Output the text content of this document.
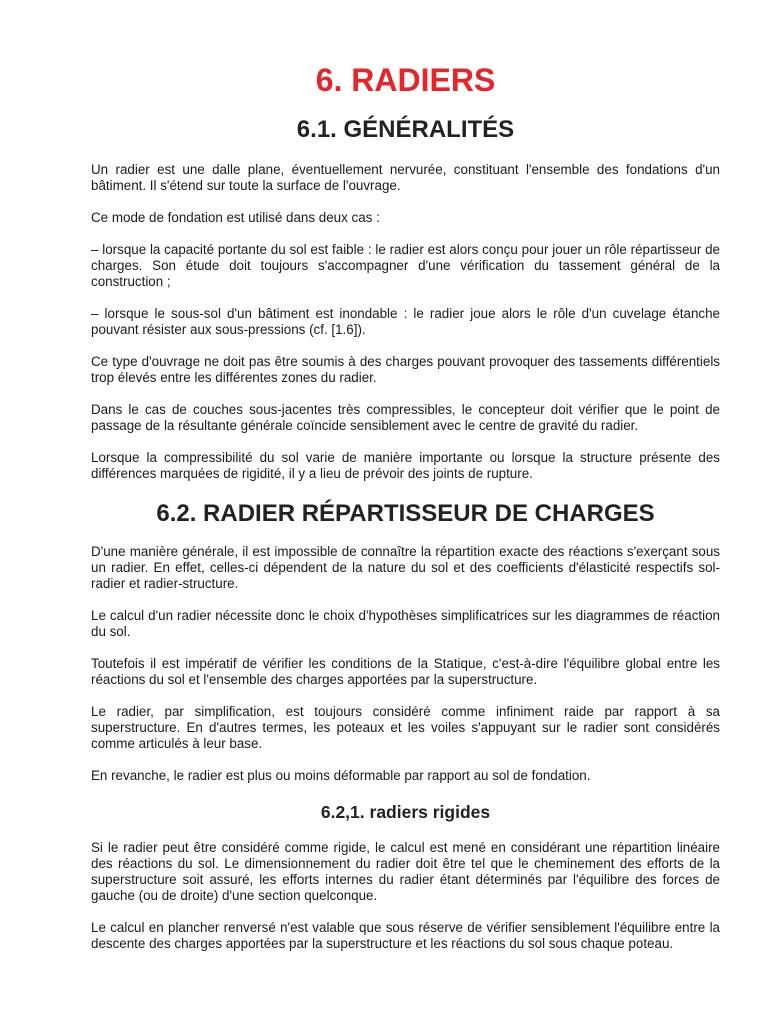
6. RADIERS
6.1. GÉNÉRALITÉS

Un radier est une dalle plane, éventuellement nervurée, constituant l'ensemble des fondations d'un bâtiment. Il s'étend sur toute la surface de l'ouvrage.

Ce mode de fondation est utilisé dans deux cas :

– lorsque la capacité portante du sol est faible : le radier est alors conçu pour jouer un rôle répartisseur de charges. Son étude doit toujours s'accompagner d'une vérification du tassement général de la construction ;

– lorsque le sous-sol d'un bâtiment est inondable : le radier joue alors le rôle d'un cuvelage étanche pouvant résister aux sous-pressions (cf. [1.6]).

Ce type d'ouvrage ne doit pas être soumis à des charges pouvant provoquer des tassements différentiels trop élevés entre les différentes zones du radier.

Dans le cas de couches sous-jacentes très compressibles, le concepteur doit vérifier que le point de passage de la résultante générale coïncide sensiblement avec le centre de gravité du radier.

Lorsque la compressibilité du sol varie de manière importante ou lorsque la structure présente des différences marquées de rigidité, il y a lieu de prévoir des joints de rupture.

6.2. RADIER RÉPARTISSEUR DE CHARGES

D'une manière générale, il est impossible de connaître la répartition exacte des réactions s'exerçant sous un radier. En effet, celles-ci dépendent de la nature du sol et des coefficients d'élasticité respectifs sol-radier et radier-structure.

Le calcul d'un radier nécessite donc le choix d'hypothèses simplificatrices sur les diagrammes de réaction du sol.

Toutefois il est impératif de vérifier les conditions de la Statique, c'est-à-dire l'équilibre global entre les réactions du sol et l'ensemble des charges apportées par la superstructure.

Le radier, par simplification, est toujours considéré comme infiniment raide par rapport à sa superstructure. En d'autres termes, les poteaux et les voiles s'appuyant sur le radier sont considérés comme articulés à leur base.

En revanche, le radier est plus ou moins déformable par rapport au sol de fondation.

6.2,1. radiers rigides

Si le radier peut être considéré comme rigide, le calcul est mené en considérant une répartition linéaire des réactions du sol. Le dimensionnement du radier doit être tel que le cheminement des efforts de la superstructure soit assuré, les efforts internes du radier étant déterminés par l'équilibre des forces de gauche (ou de droite) d'une section quelconque.

Le calcul en plancher renversé n'est valable que sous réserve de vérifier sensiblement l'équilibre entre la descente des charges apportées par la superstructure et les réactions du sol sous chaque poteau.
